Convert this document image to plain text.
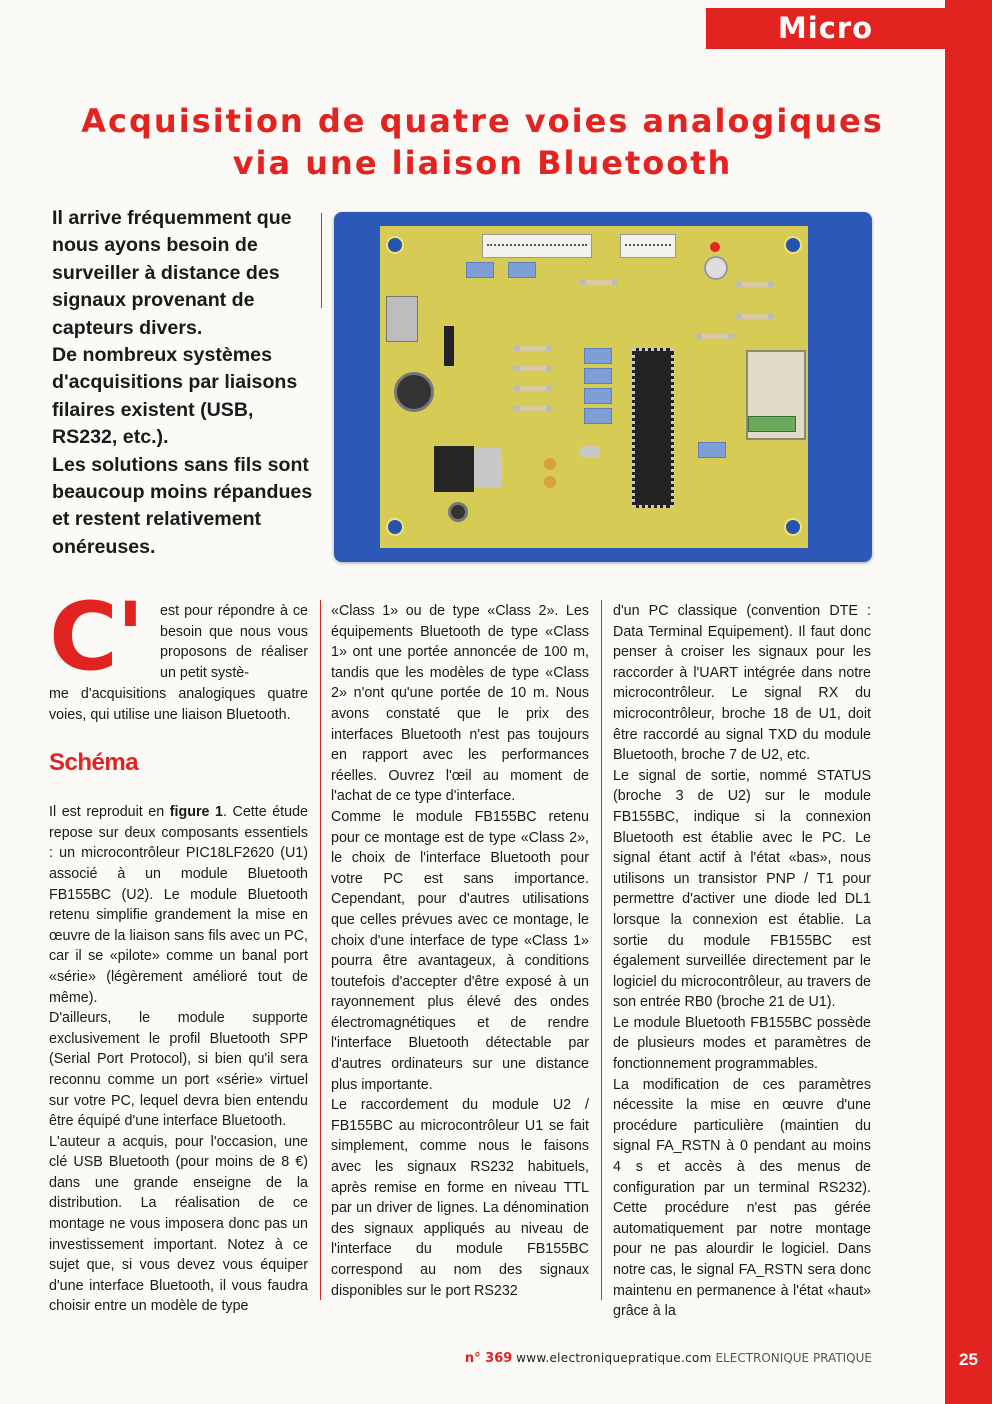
Micro
Acquisition de quatre voies analogiques
via une liaison Bluetooth

Il arrive fréquemment que nous ayons besoin de surveiller à distance des signaux provenant de capteurs divers.

De nombreux systèmes d'acquisitions par liaisons filaires existent (USB, RS232, etc.).

Les solutions sans fils sont beaucoup moins répandues et restent relativement onéreuses.

C' est pour répondre à ce besoin que nous vous proposons de réaliser un petit systè-

me d'acquisitions analogiques quatre voies, qui utilise une liaison Bluetooth.

Schéma

Il est reproduit en figure 1. Cette étude repose sur deux composants essentiels : un microcontrôleur PIC18LF2620 (U1) associé à un module Bluetooth FB155BC (U2). Le module Bluetooth retenu simplifie grandement la mise en œuvre de la liaison sans fils avec un PC, car il se «pilote» comme un banal port «série» (légèrement amélioré tout de même).

D'ailleurs, le module supporte exclusivement le profil Bluetooth SPP (Serial Port Protocol), si bien qu'il sera reconnu comme un port «série» virtuel sur votre PC, lequel devra bien entendu être équipé d'une interface Bluetooth.

L'auteur a acquis, pour l'occasion, une clé USB Bluetooth (pour moins de 8 €) dans une grande enseigne de la distribution. La réalisation de ce montage ne vous imposera donc pas un investissement important. Notez à ce sujet que, si vous devez vous équiper d'une interface Bluetooth, il vous faudra choisir entre un modèle de type

«Class 1» ou de type «Class 2». Les équipements Bluetooth de type «Class 1» ont une portée annoncée de 100 m, tandis que les modèles de type «Class 2» n'ont qu'une portée de 10 m. Nous avons constaté que le prix des interfaces Bluetooth n'est pas toujours en rapport avec les performances réelles. Ouvrez l'œil au moment de l'achat de ce type d'interface.

Comme le module FB155BC retenu pour ce montage est de type «Class 2», le choix de l'interface Bluetooth pour votre PC est sans importance. Cependant, pour d'autres utilisations que celles prévues avec ce montage, le choix d'une interface de type «Class 1» pourra être avantageux, à conditions toutefois d'accepter d'être exposé à un rayonnement plus élevé des ondes électromagnétiques et de rendre l'interface Bluetooth détectable par d'autres ordinateurs sur une distance plus importante.

Le raccordement du module U2 / FB155BC au microcontrôleur U1 se fait simplement, comme nous le faisons avec les signaux RS232 habituels, après remise en forme en niveau TTL par un driver de lignes. La dénomination des signaux appliqués au niveau de l'interface du module FB155BC correspond au nom des signaux disponibles sur le port RS232

d'un PC classique (convention DTE : Data Terminal Equipement). Il faut donc penser à croiser les signaux pour les raccorder à l'UART intégrée dans notre microcontrôleur. Le signal RX du microcontrôleur, broche 18 de U1, doit être raccordé au signal TXD du module Bluetooth, broche 7 de U2, etc.

Le signal de sortie, nommé STATUS (broche 3 de U2) sur le module FB155BC, indique si la connexion Bluetooth est établie avec le PC. Le signal étant actif à l'état «bas», nous utilisons un transistor PNP / T1 pour permettre d'activer une diode led DL1 lorsque la connexion est établie. La sortie du module FB155BC est également surveillée directement par le logiciel du microcontrôleur, au travers de son entrée RB0 (broche 21 de U1).

Le module Bluetooth FB155BC possède de plusieurs modes et paramètres de fonctionnement programmables.

La modification de ces paramètres nécessite la mise en œuvre d'une procédure particulière (maintien du signal FA_RSTN à 0 pendant au moins 4 s et accès à des menus de configuration par un terminal RS232). Cette procédure n'est pas gérée automatiquement par notre montage pour ne pas alourdir le logiciel. Dans notre cas, le signal FA_RSTN sera donc maintenu en permanence à l'état «haut» grâce à la

n° 369 www.electroniquepratique.com ELECTRONIQUE PRATIQUE	25
